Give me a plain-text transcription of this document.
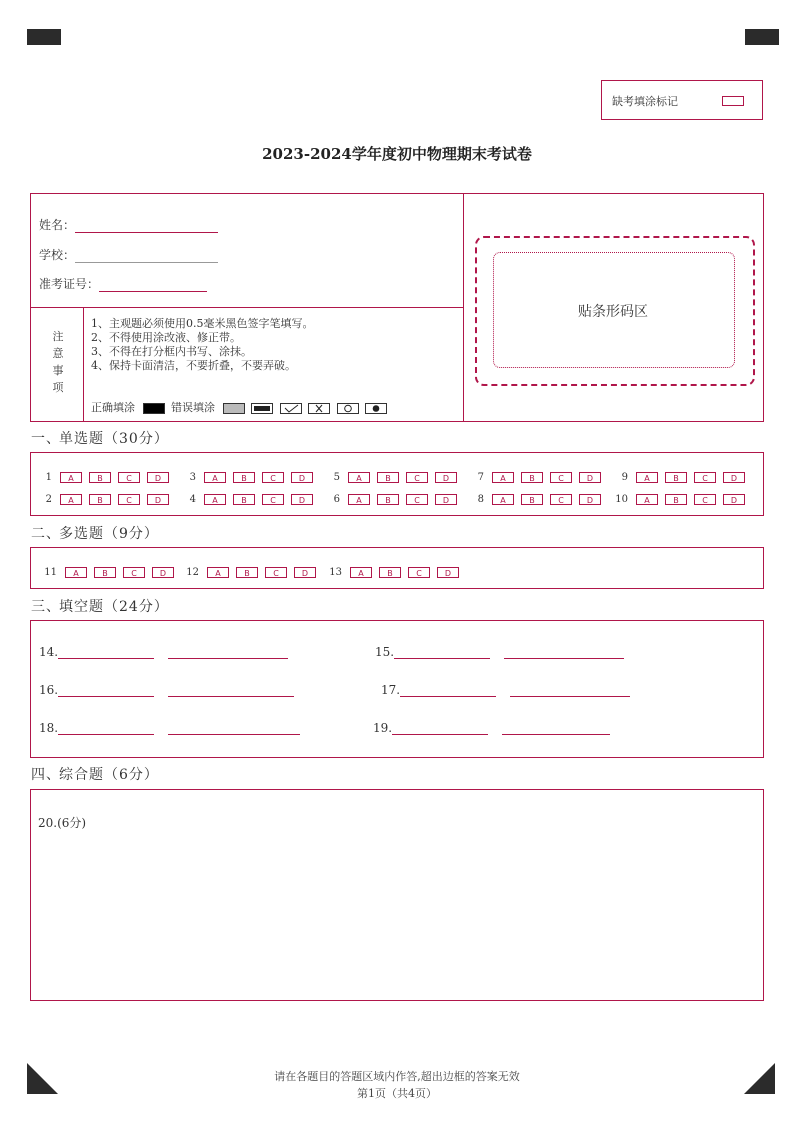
缺考填涂标记
2023-2024学年度初中物理期末考试卷
姓名：
学校：
准考证号：
注
意
事
项
1、主观题必须使用0.5毫米黑色签字笔填写。
2、不得使用涂改液、修正带。
3、不得在打分框内书写、涂抹。
4、保持卡面清洁，不要折叠，不要弄破。
正确填涂	错误填涂

贴条形码区
一、单选题（30分）
1 A	B	C	D
2 A	B	C	D
3 A	B	C	D
4 A	B	C	D
5 A	B	C	D
6 A	B	C	D
7 A	B	C	D
8 A	B	C	D
9 A	B	C	D
10 A	B	C	D
二、多选题（9分）
11 A	B	C	D	12 A	B	C	D	13 A	B	C	D
三、填空题（24分）
14.	15.
16.	17.
18.	19.
四、综合题（6分）
20.(6分)
请在各题目的答题区域内作答,超出边框的答案无效
第1页（共4页）
